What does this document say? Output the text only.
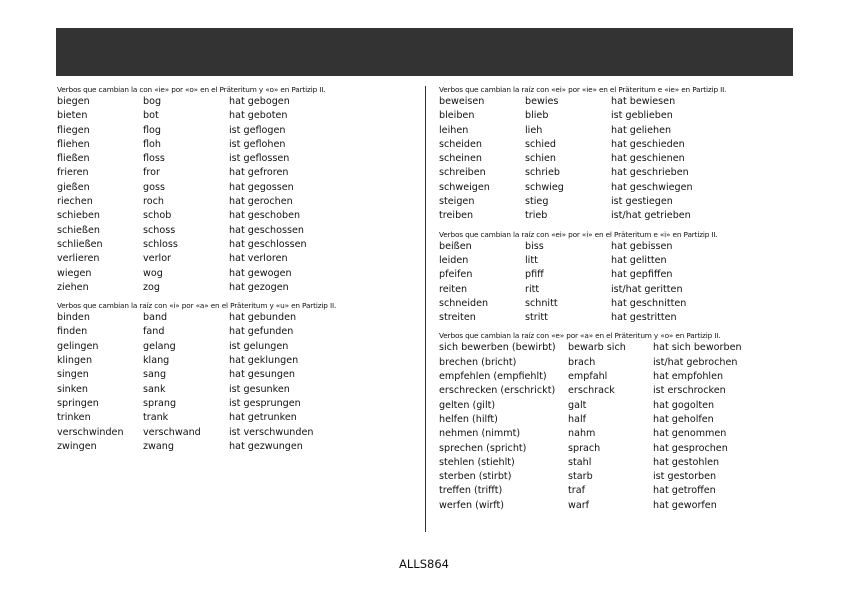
Verbos que cambian la con «ie» por «o» en el Präteritum y «o» en Partizip II.
biegen	bog	hat gebogen
bieten	bot	hat geboten
fliegen	flog	ist geflogen
fliehen	floh	ist geflohen
fließen	floss	ist geflossen
frieren	fror	hat gefroren
gießen	goss	hat gegossen
riechen	roch	hat gerochen
schieben	schob	hat geschoben
schießen	schoss	hat geschossen
schließen	schloss	hat geschlossen
verlieren	verlor	hat verloren
wiegen	wog	hat gewogen
ziehen	zog	hat gezogen
Verbos que cambian la raíz con «i» por «a» en el Präteritum y «u» en Partizip II.
binden	band	hat gebunden
finden	fand	hat gefunden
gelingen	gelang	ist gelungen
klingen	klang	hat geklungen
singen	sang	hat gesungen
sinken	sank	ist gesunken
springen	sprang	ist gesprungen
trinken	trank	hat getrunken
verschwinden	verschwand	ist verschwunden
zwingen	zwang	hat gezwungen
Verbos que cambian la raíz con «ei» por «ie» en el Präteritum e «ie» en Partizip II.
beweisen	bewies	hat bewiesen
bleiben	blieb	ist geblieben
leihen	lieh	hat geliehen
scheiden	schied	hat geschieden
scheinen	schien	hat geschienen
schreiben	schrieb	hat geschrieben
schweigen	schwieg	hat geschwiegen
steigen	stieg	ist gestiegen
treiben	trieb	ist/hat getrieben
Verbos que cambian la raíz con «ei» por «i» en el Präteritum e «i» en Partizip II.
beißen	biss	hat gebissen
leiden	litt	hat gelitten
pfeifen	pfiff	hat gepfiffen
reiten	ritt	ist/hat geritten
schneiden	schnitt	hat geschnitten
streiten	stritt	hat gestritten
Verbos que cambian la raíz con «e» por «a» en el Präteritum y «o» en Partizip II.
sich bewerben (bewirbt)	bewarb sich	hat sich beworben
brechen (bricht)	brach	ist/hat gebrochen
empfehlen (empfiehlt)	empfahl	hat empfohlen
erschrecken (erschrickt)	erschrack	ist erschrocken
gelten (gilt)	galt	hat gogolten
helfen (hilft)	half	hat geholfen
nehmen (nimmt)	nahm	hat genommen
sprechen (spricht)	sprach	hat gesprochen
stehlen (stiehlt)	stahl	hat gestohlen
sterben (stirbt)	starb	ist gestorben
treffen (trifft)	traf	hat getroffen
werfen (wirft)	warf	hat geworfen
ALLS864
